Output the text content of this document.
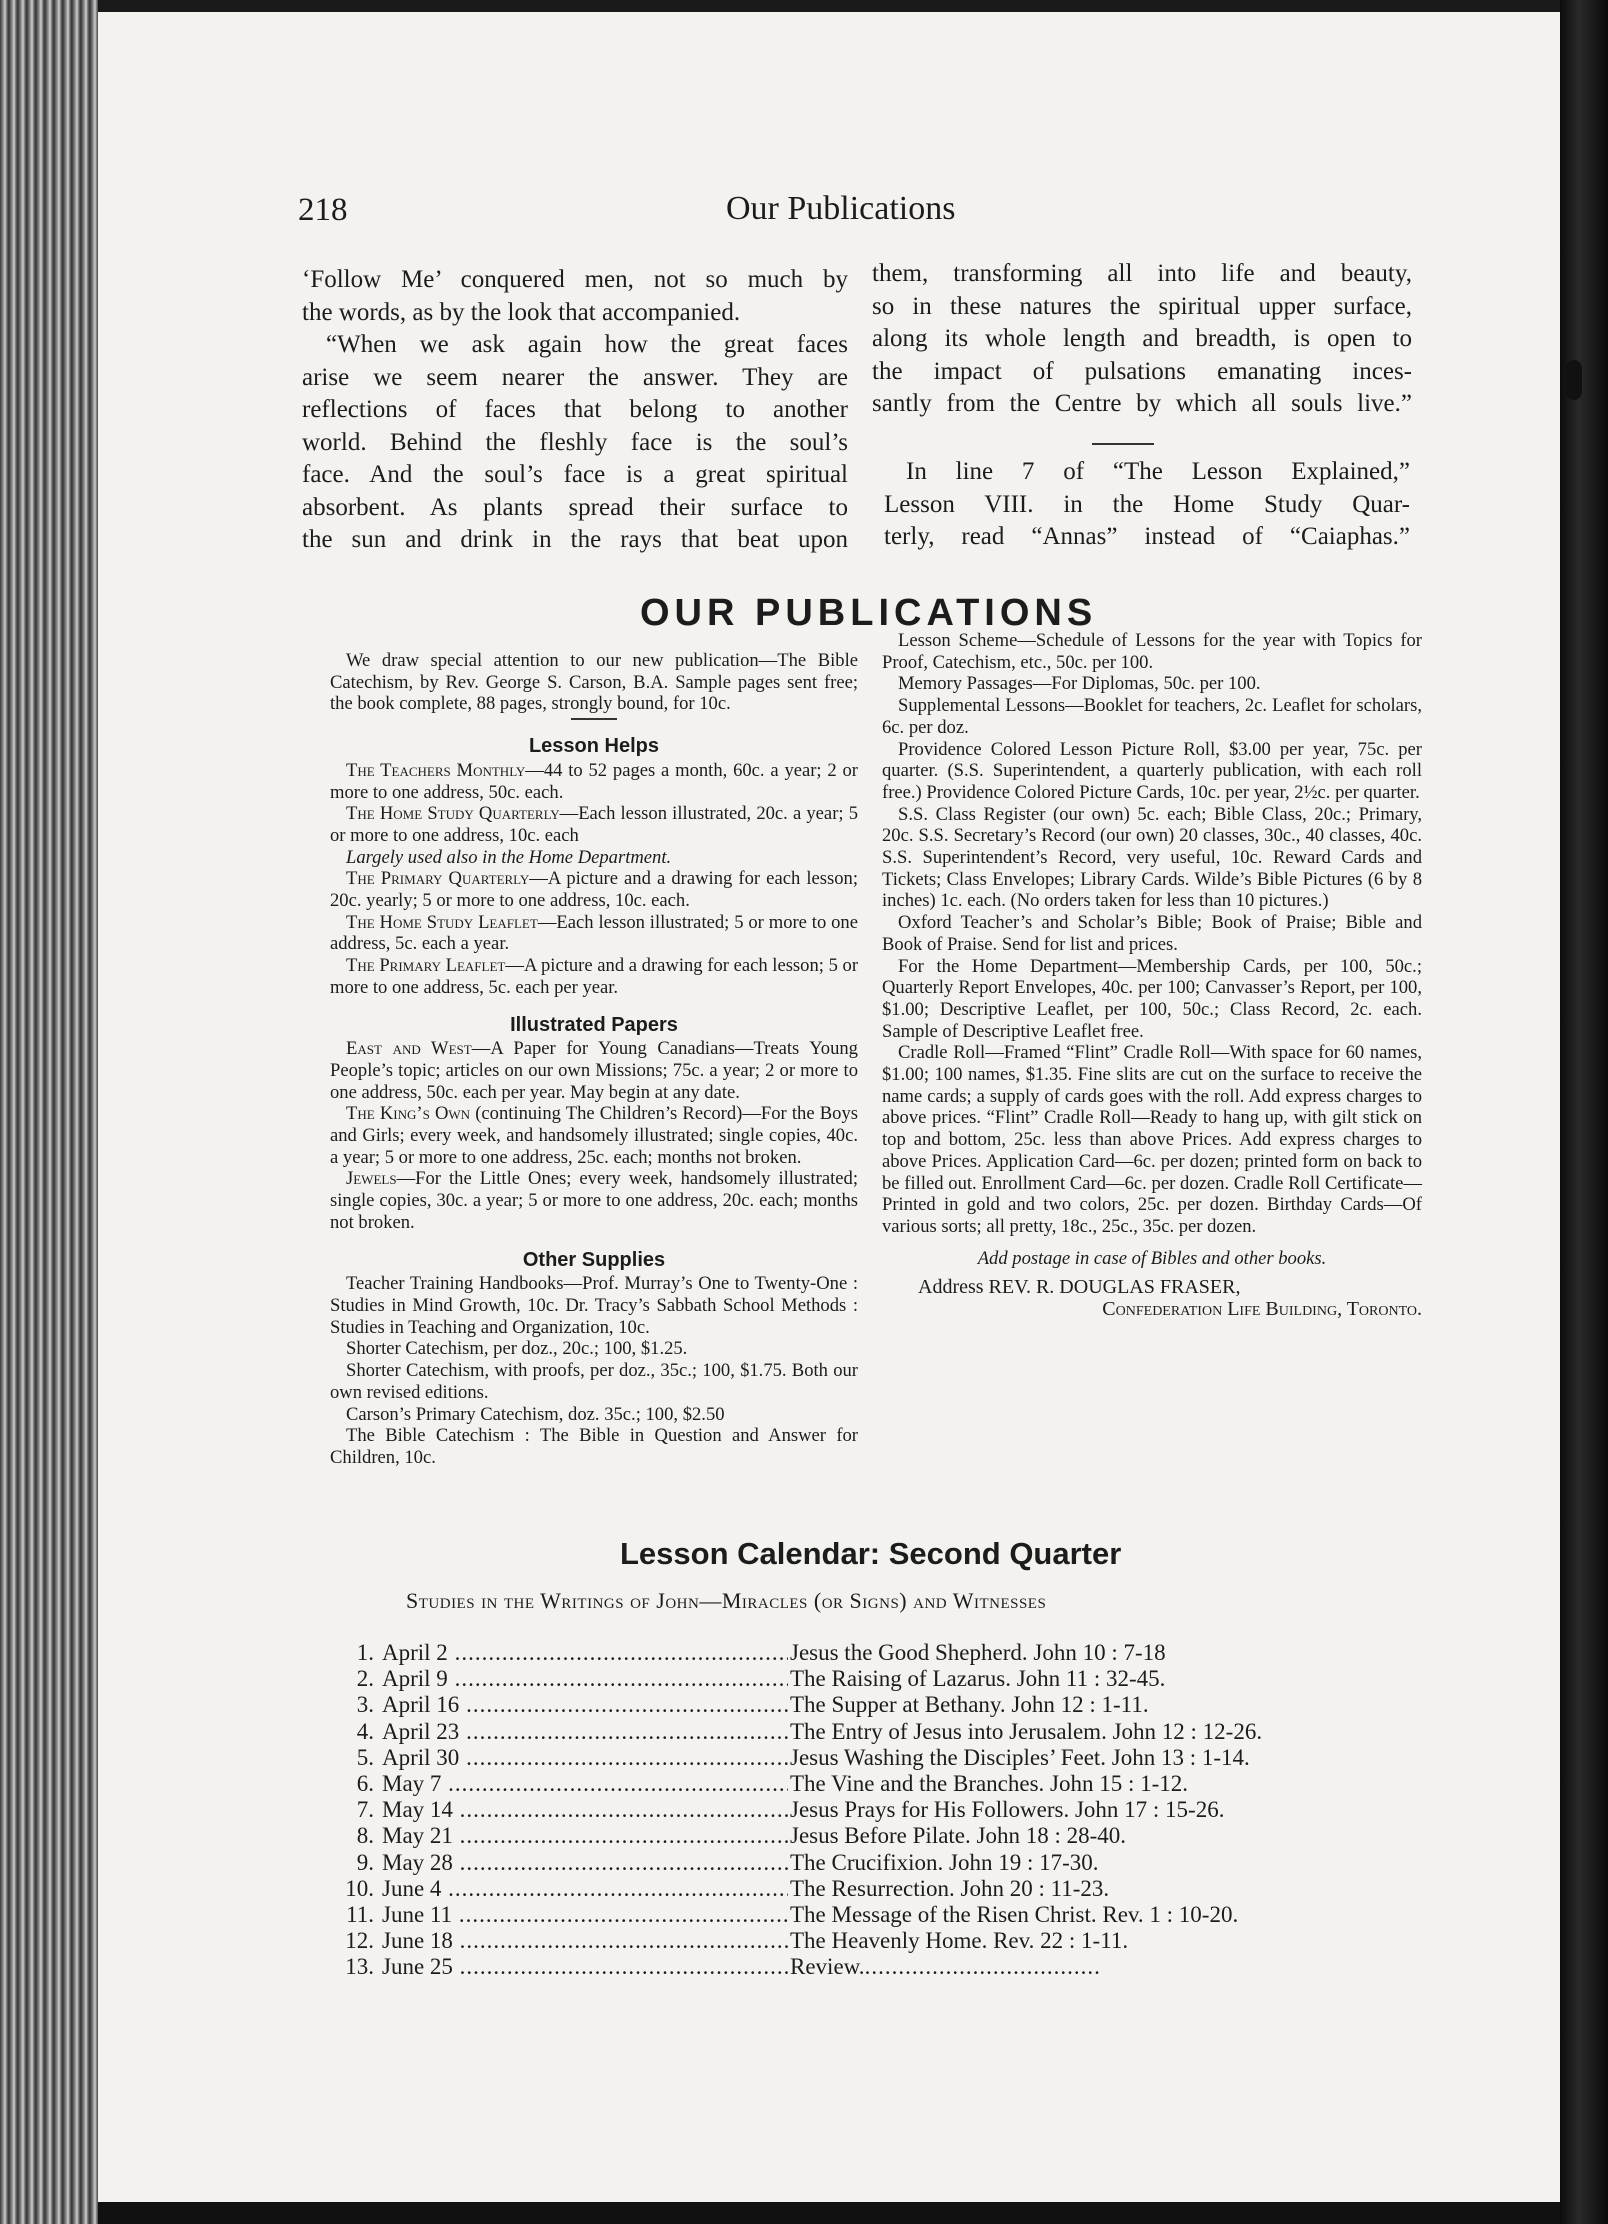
218	Our Publications
‘Follow Me’ conquered men, not so much by
the words, as by the look that accompanied.
“When we ask again how the great faces
arise we seem nearer the answer. They are
reflections of faces that belong to another
world. Behind the fleshly face is the soul’s
face. And the soul’s face is a great spiritual
absorbent. As plants spread their surface to
the sun and drink in the rays that beat upon
them, transforming all into life and beauty,
so in these natures the spiritual upper surface,
along its whole length and breadth, is open to
the impact of pulsations emanating inces-
santly from the Centre by which all souls live.”
In line 7 of “The Lesson Explained,”
Lesson VIII. in the Home Study Quar-
terly, read “Annas” instead of “Caiaphas.”
OUR PUBLICATIONS

We draw special attention to our new publication—The Bible Catechism, by Rev. George S. Carson, B.A. Sample pages sent free; the book complete, 88 pages, strongly bound, for 10c.

Lesson Helps

The Teachers Monthly—44 to 52 pages a month, 60c. a year; 2 or more to one address, 50c. each.

The Home Study Quarterly—Each lesson illustrated, 20c. a year; 5 or more to one address, 10c. each

Largely used also in the Home Department.

The Primary Quarterly—A picture and a drawing for each lesson; 20c. yearly; 5 or more to one address, 10c. each.

The Home Study Leaflet—Each lesson illustrated; 5 or more to one address, 5c. each a year.

The Primary Leaflet—A picture and a drawing for each lesson; 5 or more to one address, 5c. each per year.

Illustrated Papers

East and West—A Paper for Young Canadians—Treats Young People’s topic; articles on our own Missions; 75c. a year; 2 or more to one address, 50c. each per year. May begin at any date.

The King’s Own (continuing The Children’s Record)—For the Boys and Girls; every week, and handsomely illustrated; single copies, 40c. a year; 5 or more to one address, 25c. each; months not broken.

Jewels—For the Little Ones; every week, handsomely illustrated; single copies, 30c. a year; 5 or more to one address, 20c. each; months not broken.

Other Supplies

Teacher Training Handbooks—Prof. Murray’s One to Twenty-One : Studies in Mind Growth, 10c. Dr. Tracy’s Sabbath School Methods : Studies in Teaching and Organization, 10c.

Shorter Catechism, per doz., 20c.; 100, $1.25.

Shorter Catechism, with proofs, per doz., 35c.; 100, $1.75. Both our own revised editions.

Carson’s Primary Catechism, doz. 35c.; 100, $2.50

The Bible Catechism : The Bible in Question and Answer for Children, 10c.

Lesson Scheme—Schedule of Lessons for the year with Topics for Proof, Catechism, etc., 50c. per 100.

Memory Passages—For Diplomas, 50c. per 100.

Supplemental Lessons—Booklet for teachers, 2c. Leaflet for scholars, 6c. per doz.

Providence Colored Lesson Picture Roll, $3.00 per year, 75c. per quarter. (S.S. Superintendent, a quarterly publication, with each roll free.) Providence Colored Picture Cards, 10c. per year, 2½c. per quarter.

S.S. Class Register (our own) 5c. each; Bible Class, 20c.; Primary, 20c. S.S. Secretary’s Record (our own) 20 classes, 30c., 40 classes, 40c. S.S. Superintendent’s Record, very useful, 10c. Reward Cards and Tickets; Class Envelopes; Library Cards. Wilde’s Bible Pictures (6 by 8 inches) 1c. each. (No orders taken for less than 10 pictures.)

Oxford Teacher’s and Scholar’s Bible; Book of Praise; Bible and Book of Praise. Send for list and prices.

For the Home Department—Membership Cards, per 100, 50c.; Quarterly Report Envelopes, 40c. per 100; Canvasser’s Report, per 100, $1.00; Descriptive Leaflet, per 100, 50c.; Class Record, 2c. each. Sample of Descriptive Leaflet free.

Cradle Roll—Framed “Flint” Cradle Roll—With space for 60 names, $1.00; 100 names, $1.35. Fine slits are cut on the surface to receive the name cards; a supply of cards goes with the roll. Add express charges to above prices. “Flint” Cradle Roll—Ready to hang up, with gilt stick on top and bottom, 25c. less than above Prices. Add express charges to above Prices. Application Card—6c. per dozen; printed form on back to be filled out. Enrollment Card—6c. per dozen. Cradle Roll Certificate—Printed in gold and two colors, 25c. per dozen. Birthday Cards—Of various sorts; all pretty, 18c., 25c., 35c. per dozen.

Add postage in case of Bibles and other books.

Address REV. R. DOUGLAS FRASER,

Confederation Life Building, Toronto.

Lesson Calendar: Second Quarter
Studies in the Writings of John—Miracles (or Signs) and Witnesses
1. April 2 .....	Jesus the Good Shepherd. John 10 : 7-18
2. April 9 .....	The Raising of Lazarus. John 11 : 32-45.
3. April 16 .....	The Supper at Bethany. John 12 : 1-11.
4. April 23 .....	The Entry of Jesus into Jerusalem. John 12 : 12-26.
5. April 30 .....	Jesus Washing the Disciples’ Feet. John 13 : 1-14.
6. May 7 .....	The Vine and the Branches. John 15 : 1-12.
7. May 14 .....	Jesus Prays for His Followers. John 17 : 15-26.
8. May 21 .....	Jesus Before Pilate. John 18 : 28-40.
9. May 28 .....	The Crucifixion. John 19 : 17-30.
10. June 4 .....	The Resurrection. John 20 : 11-23.
11. June 11 .....	The Message of the Risen Christ. Rev. 1 : 10-20.
12. June 18 .....	The Heavenly Home. Rev. 22 : 1-11.
13. June 25 .....	Review.
